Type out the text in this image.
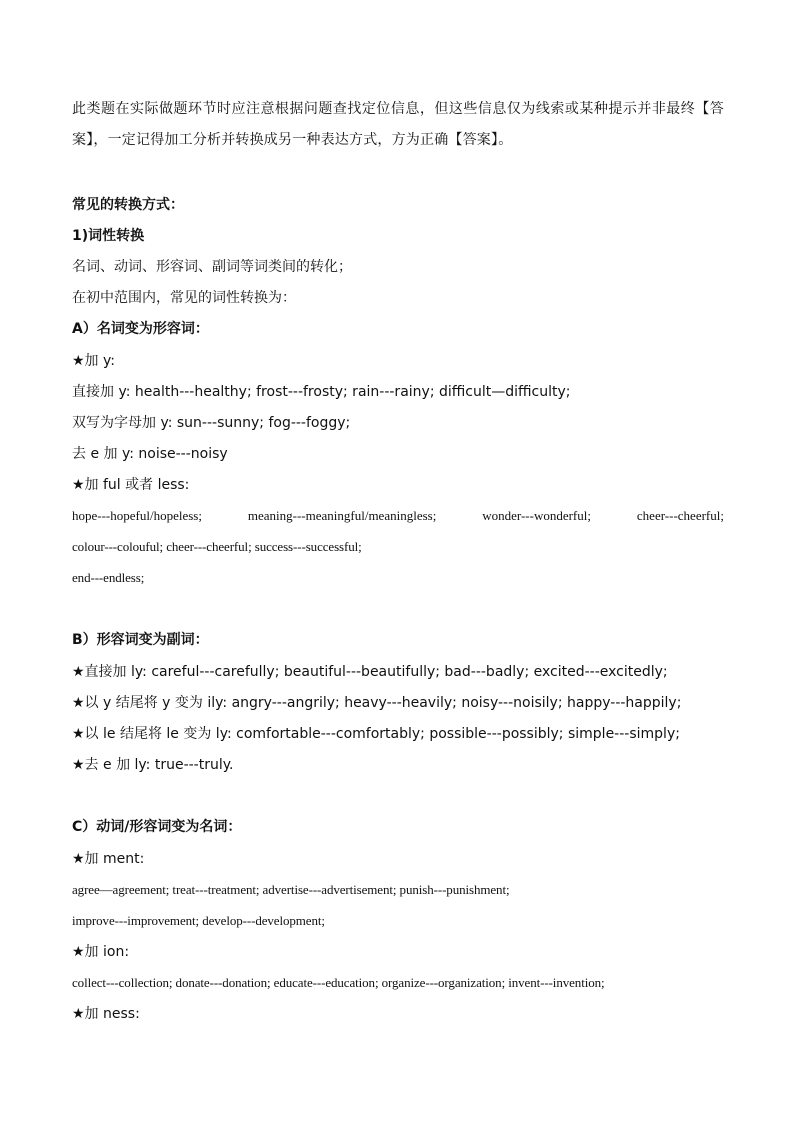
此类题在实际做题环节时应注意根据问题查找定位信息，但这些信息仅为线索或某种提示并非最终【答案】，一定记得加工分析并转换成另一种表达方式，方为正确【答案】。
常见的转换方式：
1)词性转换
名词、动词、形容词、副词等词类间的转化；
在初中范围内，常见的词性转换为：
A）名词变为形容词：
★加 y:
直接加 y: health---healthy; frost---frosty; rain---rainy; difficult—difficulty;
双写为字母加 y: sun---sunny; fog---foggy;
去 e 加 y: noise---noisy
★加 ful 或者 less:
hope---hopeful/hopeless;	meaning---meaningful/meaningless;	wonder---wonderful;	cheer---cheerful;
colour---colouful; cheer---cheerful; success---successful;
end---endless;
B）形容词变为副词：
★直接加 ly: careful---carefully; beautiful---beautifully; bad---badly; excited---excitedly;
★以 y 结尾将 y 变为 ily: angry---angrily; heavy---heavily; noisy---noisily; happy---happily;
★以 le 结尾将 le 变为 ly: comfortable---comfortably; possible---possibly; simple---simply;
★去 e 加 ly: true---truly.
C）动词/形容词变为名词：
★加 ment:
agree—agreement; treat---treatment; advertise---advertisement; punish---punishment;
improve---improvement; develop---development;
★加 ion:
collect---collection; donate---donation; educate---education; organize---organization; invent---invention;
★加 ness:
